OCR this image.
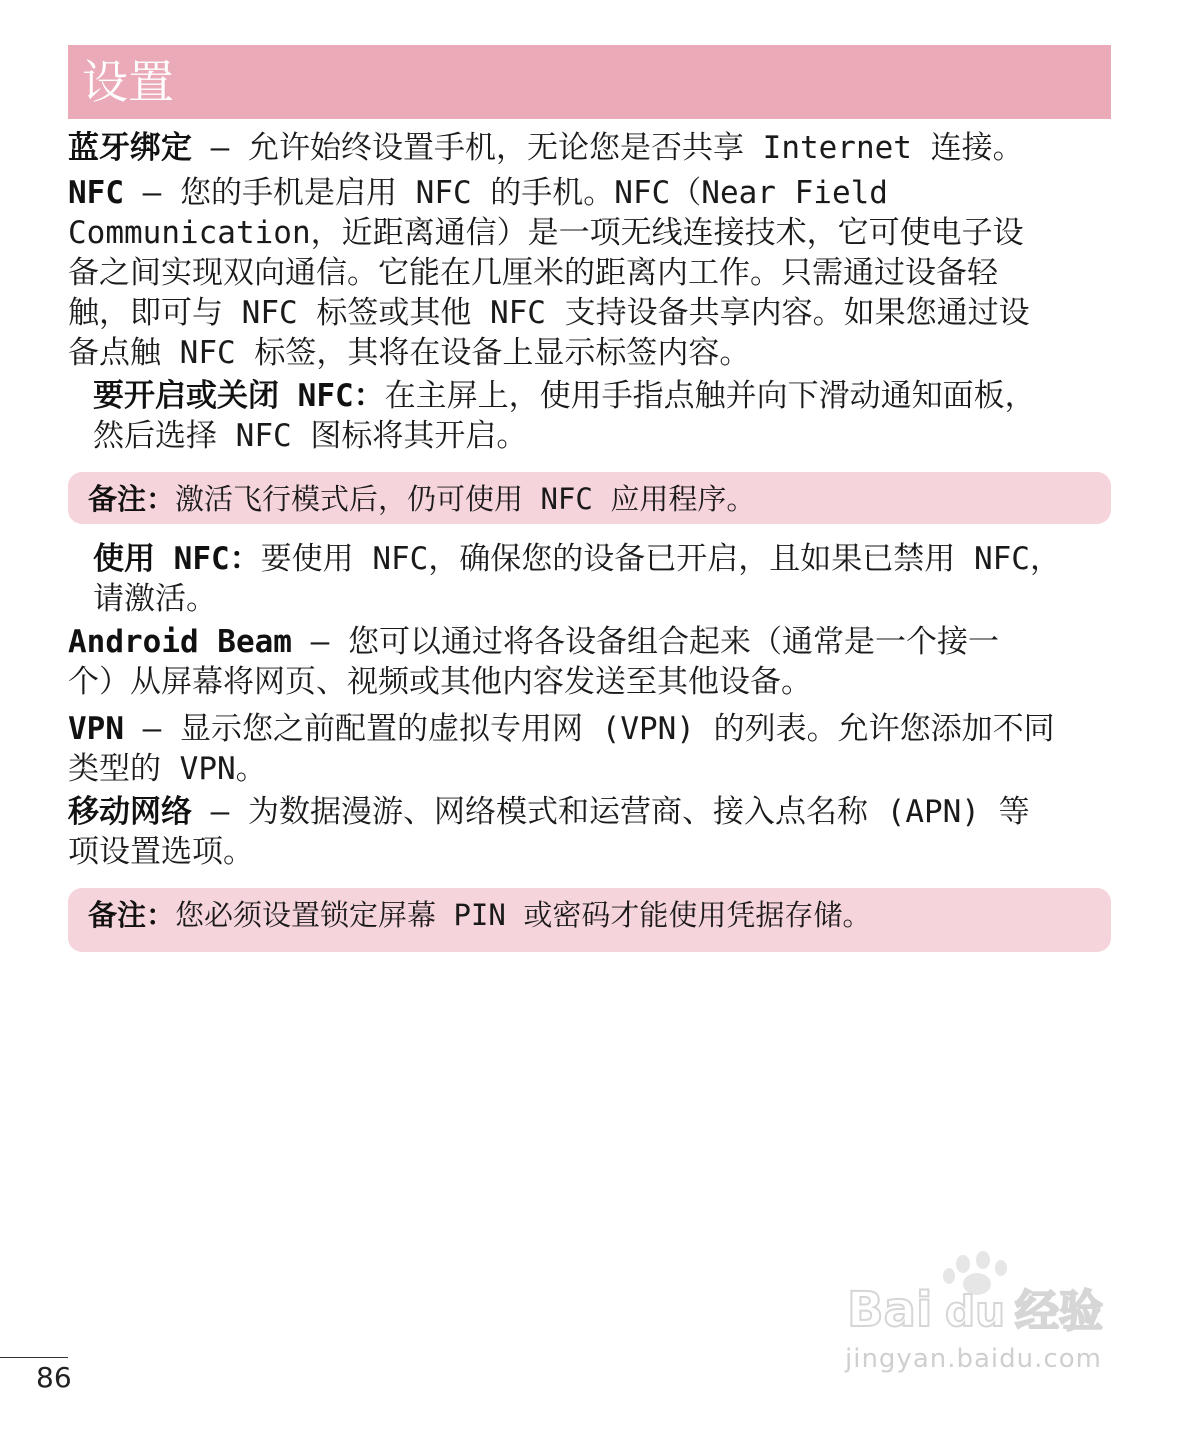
设置

蓝牙绑定 – 允许始终设置手机，无论您是否共享 Internet 连接。

NFC – 您的手机是启用 NFC 的手机。NFC（Near Field
Communication，近距离通信）是一项无线连接技术，它可使电子设
备之间实现双向通信。它能在几厘米的距离内工作。只需通过设备轻
触，即可与 NFC 标签或其他 NFC 支持设备共享内容。如果您通过设
备点触 NFC 标签，其将在设备上显示标签内容。

要开启或关闭 NFC：在主屏上，使用手指点触并向下滑动通知面板，
然后选择 NFC 图标将其开启。

备注：激活飞行模式后，仍可使用 NFC 应用程序。

使用 NFC：要使用 NFC，确保您的设备已开启，且如果已禁用 NFC，
请激活。

Android Beam – 您可以通过将各设备组合起来（通常是一个接一
个）从屏幕将网页、视频或其他内容发送至其他设备。

VPN – 显示您之前配置的虚拟专用网 (VPN) 的列表。允许您添加不同
类型的 VPN。

移动网络 – 为数据漫游、网络模式和运营商、接入点名称 (APN) 等
项设置选项。

备注：您必须设置锁定屏幕 PIN 或密码才能使用凭据存储。
86
Bai du 经验
jingyan.baidu.com
